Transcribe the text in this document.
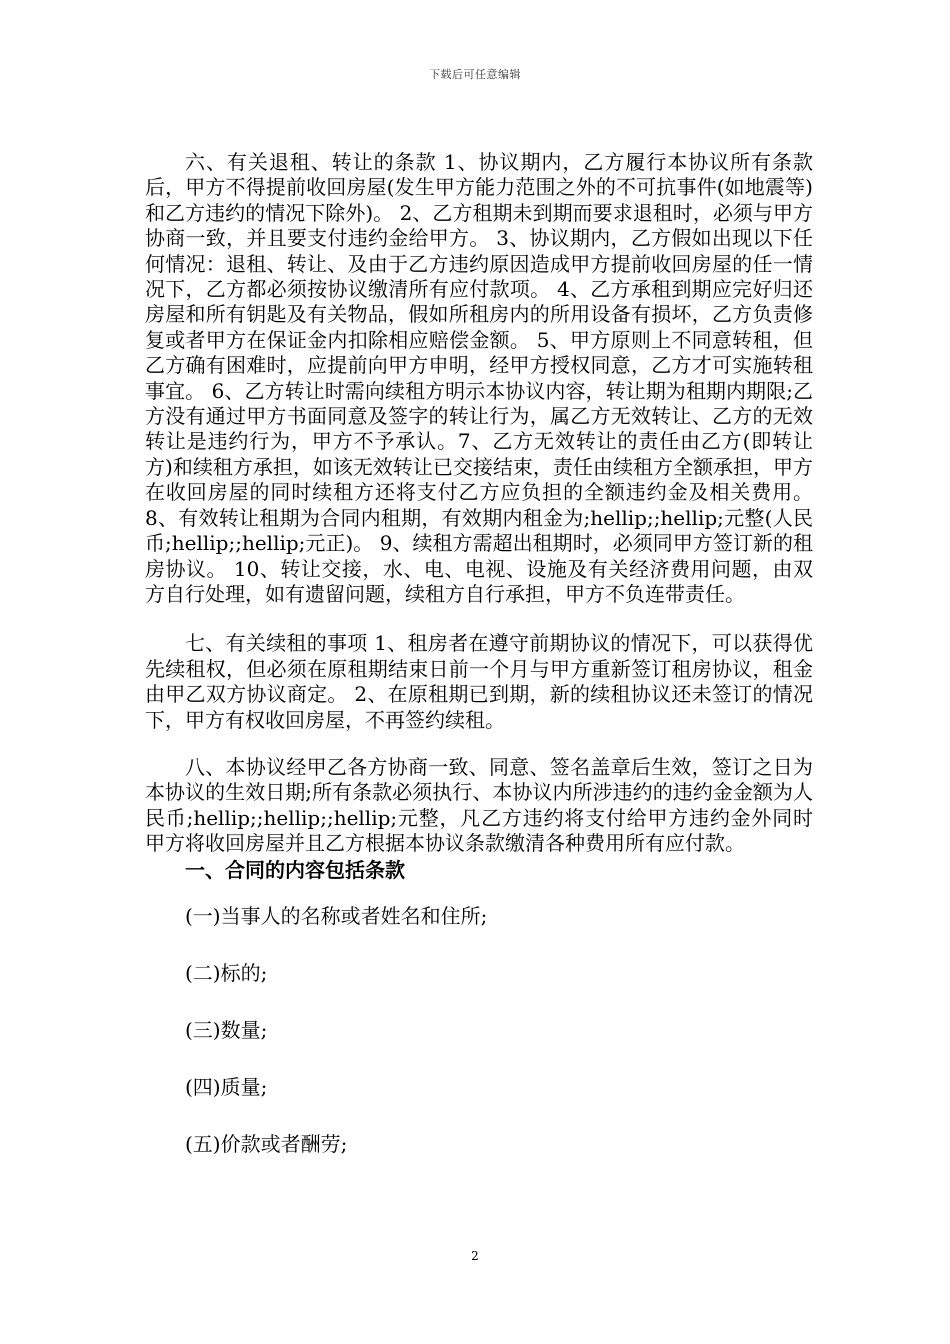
下载后可任意编辑

六、有关退租、转让的条款 1、协议期内，乙方履行本协议所有条款后，甲方不得提前收回房屋(发生甲方能力范围之外的不可抗事件(如地震等)和乙方违约的情况下除外)。 2、乙方租期未到期而要求退租时，必须与甲方协商一致，并且要支付违约金给甲方。 3、协议期内，乙方假如出现以下任何情况：退租、转让、及由于乙方违约原因造成甲方提前收回房屋的任一情况下，乙方都必须按协议缴清所有应付款项。 4、乙方承租到期应完好归还房屋和所有钥匙及有关物品，假如所租房内的所用设备有损坏，乙方负责修复或者甲方在保证金内扣除相应赔偿金额。 5、甲方原则上不同意转租，但乙方确有困难时，应提前向甲方申明，经甲方授权同意，乙方才可实施转租事宜。 6、乙方转让时需向续租方明示本协议内容，转让期为租期内期限;乙方没有通过甲方书面同意及签字的转让行为，属乙方无效转让、乙方的无效转让是违约行为，甲方不予承认。7、乙方无效转让的责任由乙方(即转让方)和续租方承担，如该无效转让已交接结束，责任由续租方全额承担，甲方在收回房屋的同时续租方还将支付乙方应负担的全额违约金及相关费用。 8、有效转让租期为合同内租期，有效期内租金为;hellip;;hellip;元整(人民币;hellip;;hellip;元正)。 9、续租方需超出租期时，必须同甲方签订新的租房协议。 10、转让交接，水、电、电视、设施及有关经济费用问题，由双方自行处理，如有遗留问题，续租方自行承担，甲方不负连带责任。

七、有关续租的事项 1、租房者在遵守前期协议的情况下，可以获得优先续租权，但必须在原租期结束日前一个月与甲方重新签订租房协议，租金由甲乙双方协议商定。 2、在原租期已到期，新的续租协议还未签订的情况下，甲方有权收回房屋，不再签约续租。

八、本协议经甲乙各方协商一致、同意、签名盖章后生效，签订之日为本协议的生效日期;所有条款必须执行、本协议内所涉违约的违约金金额为人民币;hellip;;hellip;;hellip;元整，凡乙方违约将支付给甲方违约金外同时甲方将收回房屋并且乙方根据本协议条款缴清各种费用所有应付款。

一、合同的内容包括条款

(一)当事人的名称或者姓名和住所;

(二)标的;

(三)数量;

(四)质量;

(五)价款或者酬劳;

2
